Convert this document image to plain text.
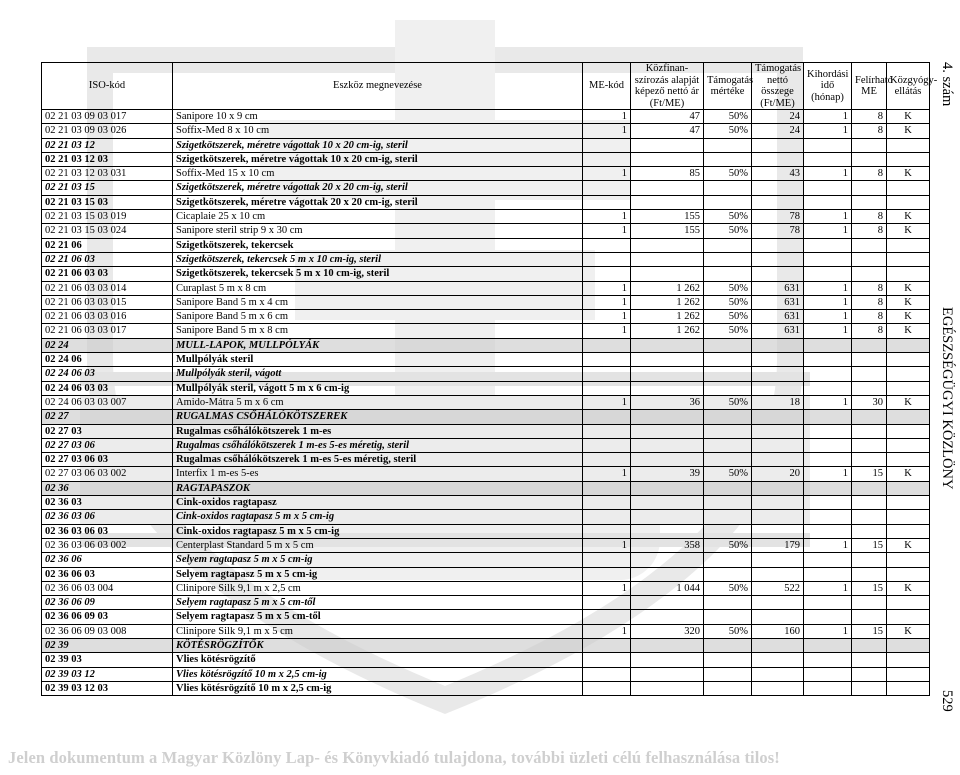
ISO-kód	Eszköz megnevezése	ME-kód	Közfinan-szírozás alapját képező nettó ár (Ft/ME)	Támogatás mértéke	Támogatás nettó összege (Ft/ME)	Kihordási idő (hónap)	Felírható ME	Közgyógy-ellátás
02 21 03 09 03 017	Sanipore 10 x 9 cm	1	47	50%	24	1	8	K
02 21 03 09 03 026	Soffix-Med 8 x 10 cm	1	47	50%	24	1	8	K
02 21 03 12	Szigetkötszerek, méretre vágottak 10 x 20 cm-ig, steril							
02 21 03 12 03	Szigetkötszerek, méretre vágottak 10 x 20 cm-ig, steril							
02 21 03 12 03 031	Soffix-Med 15 x 10 cm	1	85	50%	43	1	8	K
02 21 03 15	Szigetkötszerek, méretre vágottak 20 x 20 cm-ig, steril							
02 21 03 15 03	Szigetkötszerek, méretre vágottak 20 x 20 cm-ig, steril							
02 21 03 15 03 019	Cicaplaie 25 x 10 cm	1	155	50%	78	1	8	K
02 21 03 15 03 024	Sanipore steril strip 9 x 30 cm	1	155	50%	78	1	8	K
02 21 06	Szigetkötszerek, tekercsek							
02 21 06 03	Szigetkötszerek, tekercsek 5 m x 10 cm-ig, steril							
02 21 06 03 03	Szigetkötszerek, tekercsek 5 m x 10 cm-ig, steril							
02 21 06 03 03 014	Curaplast 5 m x 8 cm	1	1 262	50%	631	1	8	K
02 21 06 03 03 015	Sanipore Band 5 m x 4 cm	1	1 262	50%	631	1	8	K
02 21 06 03 03 016	Sanipore Band 5 m x 6 cm	1	1 262	50%	631	1	8	K
02 21 06 03 03 017	Sanipore Band 5 m x 8 cm	1	1 262	50%	631	1	8	K
02 24	MULL-LAPOK, MULLPÓLYÁK							
02 24 06	Mullpólyák steril							
02 24 06 03	Mullpólyák steril, vágott							
02 24 06 03 03	Mullpólyák steril, vágott 5 m x 6 cm-ig							
02 24 06 03 03 007	Amido-Mátra 5 m x 6 cm	1	36	50%	18	1	30	K
02 27	RUGALMAS CSŐHÁLÓKÖTSZEREK							
02 27 03	Rugalmas csőhálókötszerek 1 m-es							
02 27 03 06	Rugalmas csőhálókötszerek 1 m-es 5-es méretig, steril							
02 27 03 06 03	Rugalmas csőhálókötszerek 1 m-es 5-es méretig, steril							
02 27 03 06 03 002	Interfix 1 m-es 5-es	1	39	50%	20	1	15	K
02 36	RAGTAPASZOK							
02 36 03	Cink-oxidos ragtapasz							
02 36 03 06	Cink-oxidos ragtapasz 5 m x 5 cm-ig							
02 36 03 06 03	Cink-oxidos ragtapasz 5 m x 5 cm-ig							
02 36 03 06 03 002	Centerplast Standard 5 m x 5 cm	1	358	50%	179	1	15	K
02 36 06	Selyem ragtapasz 5 m x 5 cm-ig							
02 36 06 03	Selyem ragtapasz 5 m x 5 cm-ig							
02 36 06 03 004	Clinipore Silk 9,1 m x 2,5 cm	1	1 044	50%	522	1	15	K
02 36 06 09	Selyem ragtapasz 5 m x 5 cm-től							
02 36 06 09 03	Selyem ragtapasz 5 m x 5 cm-től							
02 36 06 09 03 008	Clinipore Silk 9,1 m x 5 cm	1	320	50%	160	1	15	K
02 39	KÖTÉSRÖGZÍTŐK							
02 39 03	Vlies kötésrögzítő							
02 39 03 12	Vlies kötésrögzítő 10 m x 2,5 cm-ig							
02 39 03 12 03	Vlies kötésrögzítő 10 m x 2,5 cm-ig							
4. szám
EGÉSZSÉGÜGYI KÖZLÖNY
529
Jelen dokumentum a Magyar Közlöny Lap- és Könyvkiadó tulajdona, további üzleti célú felhasználása tilos!
